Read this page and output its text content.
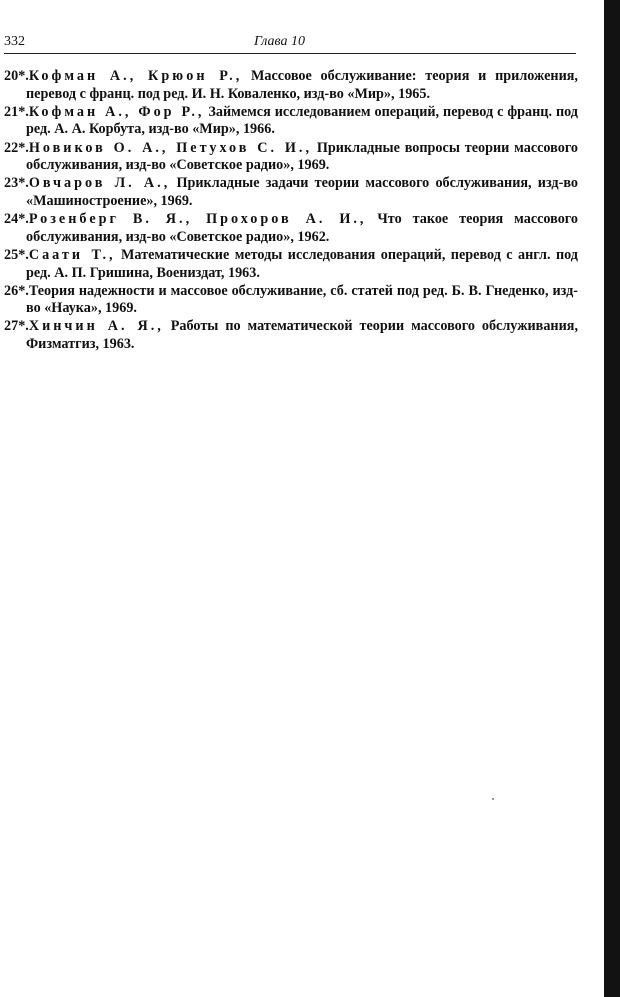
332	Глава 10

20*.Кофман А., Крюон Р., Массовое обслуживание: теория и приложения, перевод с франц. под ред. И. Н. Коваленко, изд-во «Мир», 1965.

21*.Кофман А., Фор Р., Займемся исследованием операций, перевод с франц. под ред. А. А. Корбута, изд-во «Мир», 1966.

22*.Новиков О. А., Петухов С. И., Прикладные вопросы теории массового обслуживания, изд-во «Советское радио», 1969.

23*.Овчаров Л. А., Прикладные задачи теории массового обслуживания, изд-во «Машиностроение», 1969.

24*.Розенберг В. Я., Прохоров А. И., Что такое теория массового обслуживания, изд-во «Советское радио», 1962.

25*.Саати Т., Математические методы исследования операций, перевод с англ. под ред. А. П. Гришина, Воениздат, 1963.

26*.Теория надежности и массовое обслуживание, сб. статей под ред. Б. В. Гнеденко, изд-во «Наука», 1969.

27*.Хинчин А. Я., Работы по математической теории массового обслуживания, Физматгиз, 1963.
